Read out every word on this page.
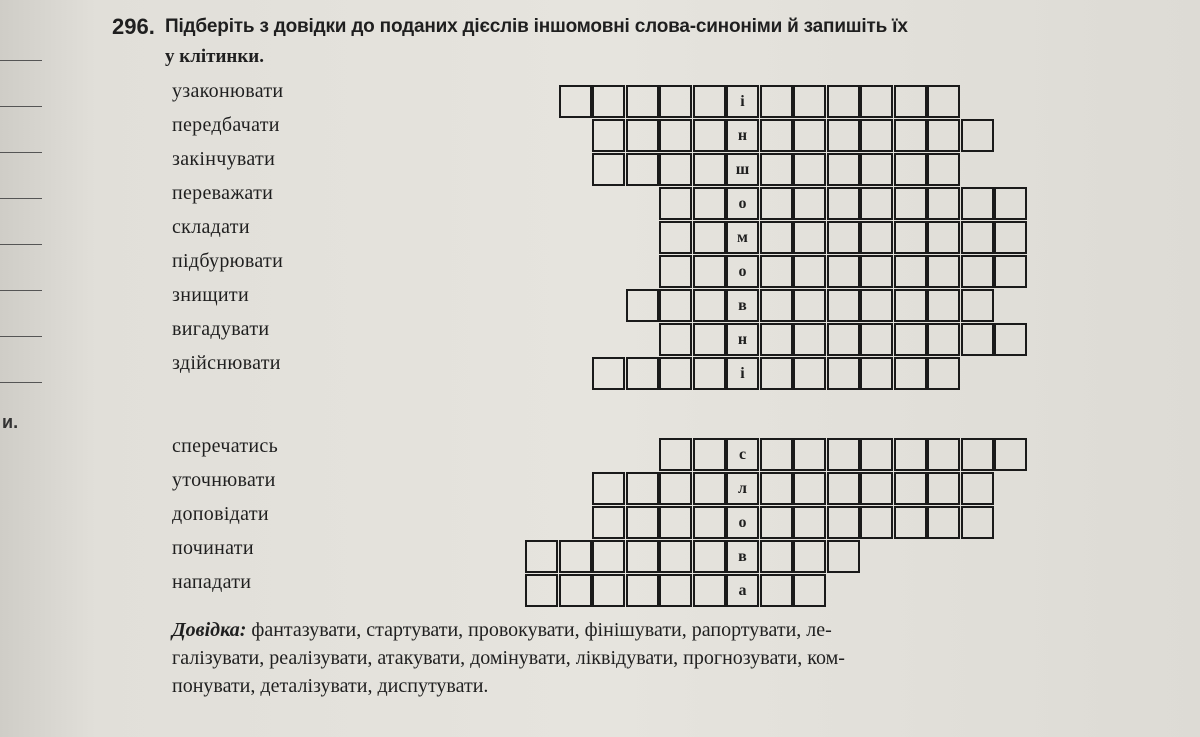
и.
296. Підберіть з довідки до поданих дієслів іншомовні слова-синоніми й запишіть їх
у клітинки.
узаконювати
передбачати
закінчувати
переважати
складати
підбурювати
знищити
вигадувати
здійснювати
і
н
ш
о
м
о
в
н
і
сперечатись
уточнювати
доповідати
починати
нападати
с
л
о
в
а
Довідка: фантазувати, стартувати, провокувати, фінішувати, рапортувати, ле-
галізувати, реалізувати, атакувати, домінувати, ліквідувати, прогнозувати, ком-
понувати, деталізувати, диспутувати.
